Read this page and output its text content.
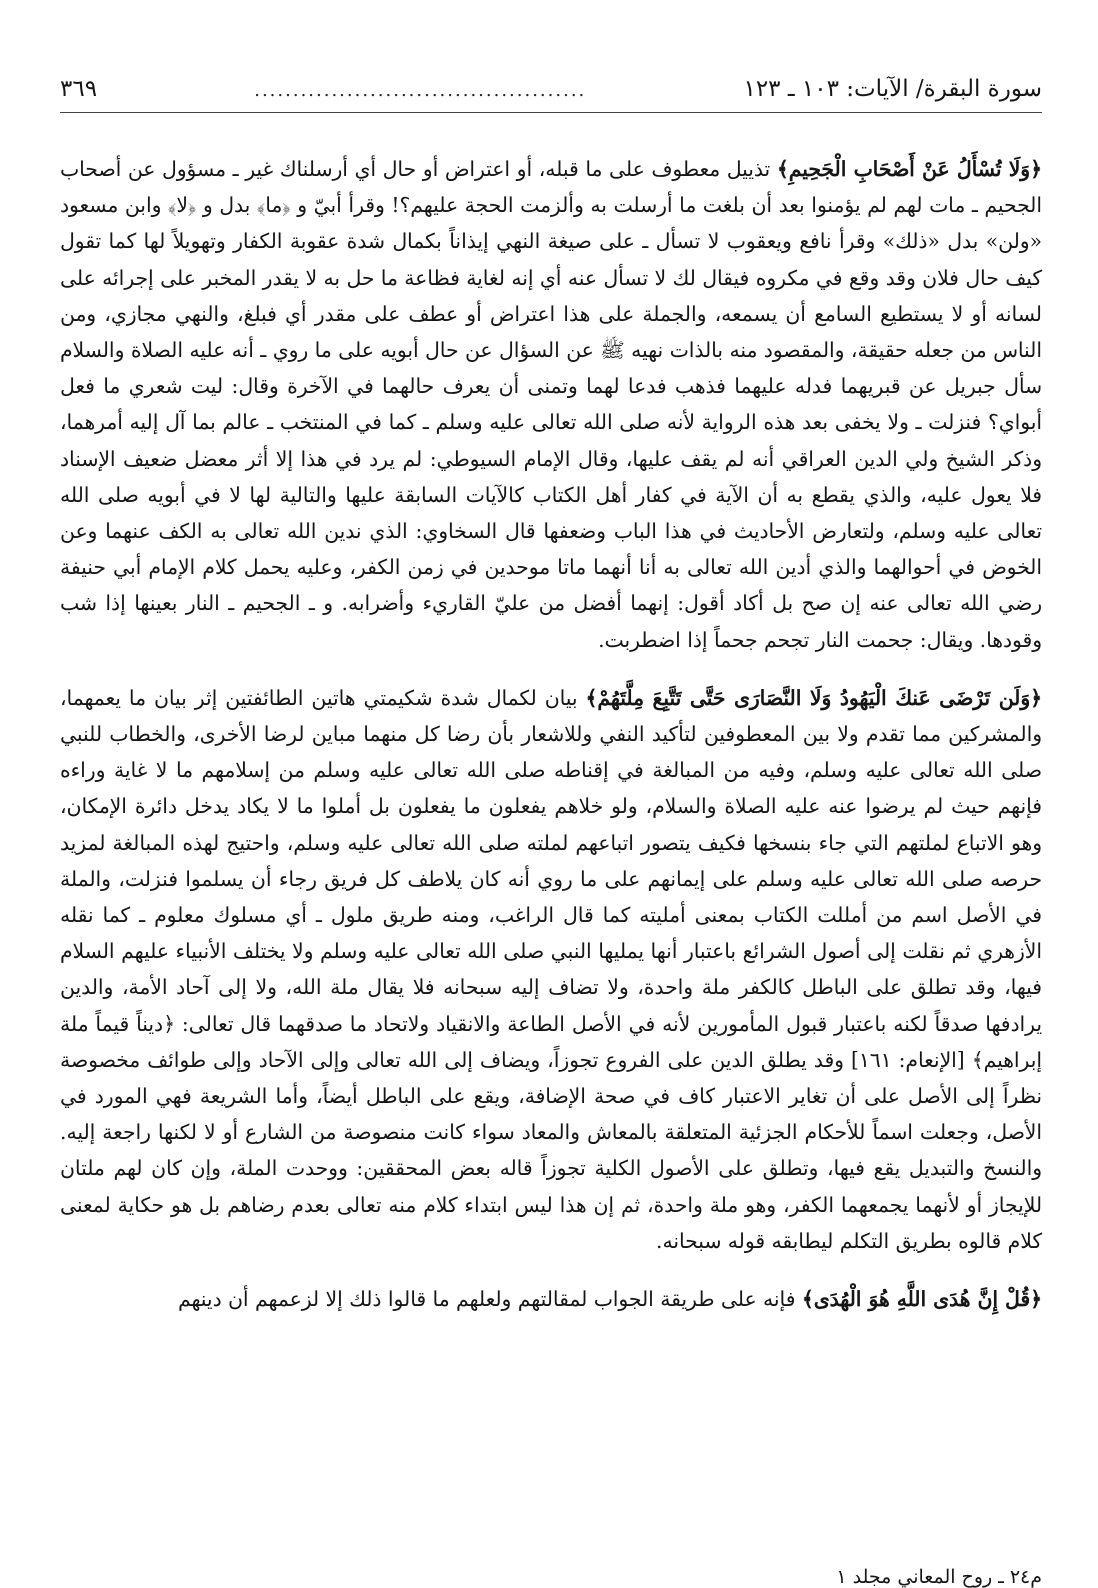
سورة البقرة/ الآيات: ١٠٣ ـ ١٢٣
...........................................
٣٦٩

﴿وَلَا تُسْأَلُ عَنْ أَصْحَابِ الْجَحِيمِ﴾ تذييل معطوف على ما قبله، أو اعتراض أو حال أي أرسلناك غير ـ مسؤول عن أصحاب الجحيم ـ مات لهم لم يؤمنوا بعد أن بلغت ما أرسلت به وألزمت الحجة عليهم؟! وقرأ أبيّ و ﴿ما﴾ بدل و ﴿لا﴾ وابن مسعود «ولن» بدل «ذلك» وقرأ نافع ويعقوب لا تسأل ـ على صيغة النهي إيذاناً بكمال شدة عقوبة الكفار وتهويلاً لها كما تقول كيف حال فلان وقد وقع في مكروه فيقال لك لا تسأل عنه أي إنه لغاية فظاعة ما حل به لا يقدر المخبر على إجرائه على لسانه أو لا يستطيع السامع أن يسمعه، والجملة على هذا اعتراض أو عطف على مقدر أي فبلغ، والنهي مجازي، ومن الناس من جعله حقيقة، والمقصود منه بالذات نهيه ﷺ عن السؤال عن حال أبويه على ما روي ـ أنه عليه الصلاة والسلام سأل جبريل عن قبريهما فدله عليهما فذهب فدعا لهما وتمنى أن يعرف حالهما في الآخرة وقال: ليت شعري ما فعل أبواي؟ فنزلت ـ ولا يخفى بعد هذه الرواية لأنه صلى الله تعالى عليه وسلم ـ كما في المنتخب ـ عالم بما آل إليه أمرهما، وذكر الشيخ ولي الدين العراقي أنه لم يقف عليها، وقال الإمام السيوطي: لم يرد في هذا إلا أثر معضل ضعيف الإسناد فلا يعول عليه، والذي يقطع به أن الآية في كفار أهل الكتاب كالآيات السابقة عليها والتالية لها لا في أبويه صلى الله تعالى عليه وسلم، ولتعارض الأحاديث في هذا الباب وضعفها قال السخاوي: الذي ندين الله تعالى به الكف عنهما وعن الخوض في أحوالهما والذي أدين الله تعالى به أنا أنهما ماتا موحدين في زمن الكفر، وعليه يحمل كلام الإمام أبي حنيفة رضي الله تعالى عنه إن صح بل أكاد أقول: إنهما أفضل من عليّ القاريء وأضرابه. و ـ الجحيم ـ النار بعينها إذا شب وقودها. ويقال: جحمت النار تجحم جحماً إذا اضطربت.

﴿وَلَن تَرْضَى عَنكَ الْيَهُودُ وَلَا النَّصَارَى حَتَّى تَتَّبِعَ مِلَّتَهُمْ﴾ بيان لكمال شدة شكيمتي هاتين الطائفتين إثر بيان ما يعمهما، والمشركين مما تقدم ولا بين المعطوفين لتأكيد النفي وللاشعار بأن رضا كل منهما مباين لرضا الأخرى، والخطاب للنبي صلى الله تعالى عليه وسلم، وفيه من المبالغة في إقناطه صلى الله تعالى عليه وسلم من إسلامهم ما لا غاية وراءه فإنهم حيث لم يرضوا عنه عليه الصلاة والسلام، ولو خلاهم يفعلون ما يفعلون بل أملوا ما لا يكاد يدخل دائرة الإمكان، وهو الاتباع لملتهم التي جاء بنسخها فكيف يتصور اتباعهم لملته صلى الله تعالى عليه وسلم، واحتيج لهذه المبالغة لمزيد حرصه صلى الله تعالى عليه وسلم على إيمانهم على ما روي أنه كان يلاطف كل فريق رجاء أن يسلموا فنزلت، والملة في الأصل اسم من أمللت الكتاب بمعنى أمليته كما قال الراغب، ومنه طريق ملول ـ أي مسلوك معلوم ـ كما نقله الأزهري ثم نقلت إلى أصول الشرائع باعتبار أنها يمليها النبي صلى الله تعالى عليه وسلم ولا يختلف الأنبياء عليهم السلام فيها، وقد تطلق على الباطل كالكفر ملة واحدة، ولا تضاف إليه سبحانه فلا يقال ملة الله، ولا إلى آحاد الأمة، والدين يرادفها صدقاً لكنه باعتبار قبول المأمورين لأنه في الأصل الطاعة والانقياد ولاتحاد ما صدقهما قال تعالى: ﴿ديناً قيماً ملة إبراهيم﴾ [الإنعام: ١٦١] وقد يطلق الدين على الفروع تجوزاً، ويضاف إلى الله تعالى وإلى الآحاد وإلى طوائف مخصوصة نظراً إلى الأصل على أن تغاير الاعتبار كاف في صحة الإضافة، ويقع على الباطل أيضاً، وأما الشريعة فهي المورد في الأصل، وجعلت اسماً للأحكام الجزئية المتعلقة بالمعاش والمعاد سواء كانت منصوصة من الشارع أو لا لكنها راجعة إليه. والنسخ والتبديل يقع فيها، وتطلق على الأصول الكلية تجوزاً قاله بعض المحققين: ووحدت الملة، وإن كان لهم ملتان للإيجاز أو لأنهما يجمعهما الكفر، وهو ملة واحدة، ثم إن هذا ليس ابتداء كلام منه تعالى بعدم رضاهم بل هو حكاية لمعنى كلام قالوه بطريق التكلم ليطابقه قوله سبحانه.

﴿قُلْ إِنَّ هُدَى اللَّهِ هُوَ الْهُدَى﴾ فإنه على طريقة الجواب لمقالتهم ولعلهم ما قالوا ذلك إلا لزعمهم أن دينهم

م٢٤ ـ روح المعاني مجلد ١
